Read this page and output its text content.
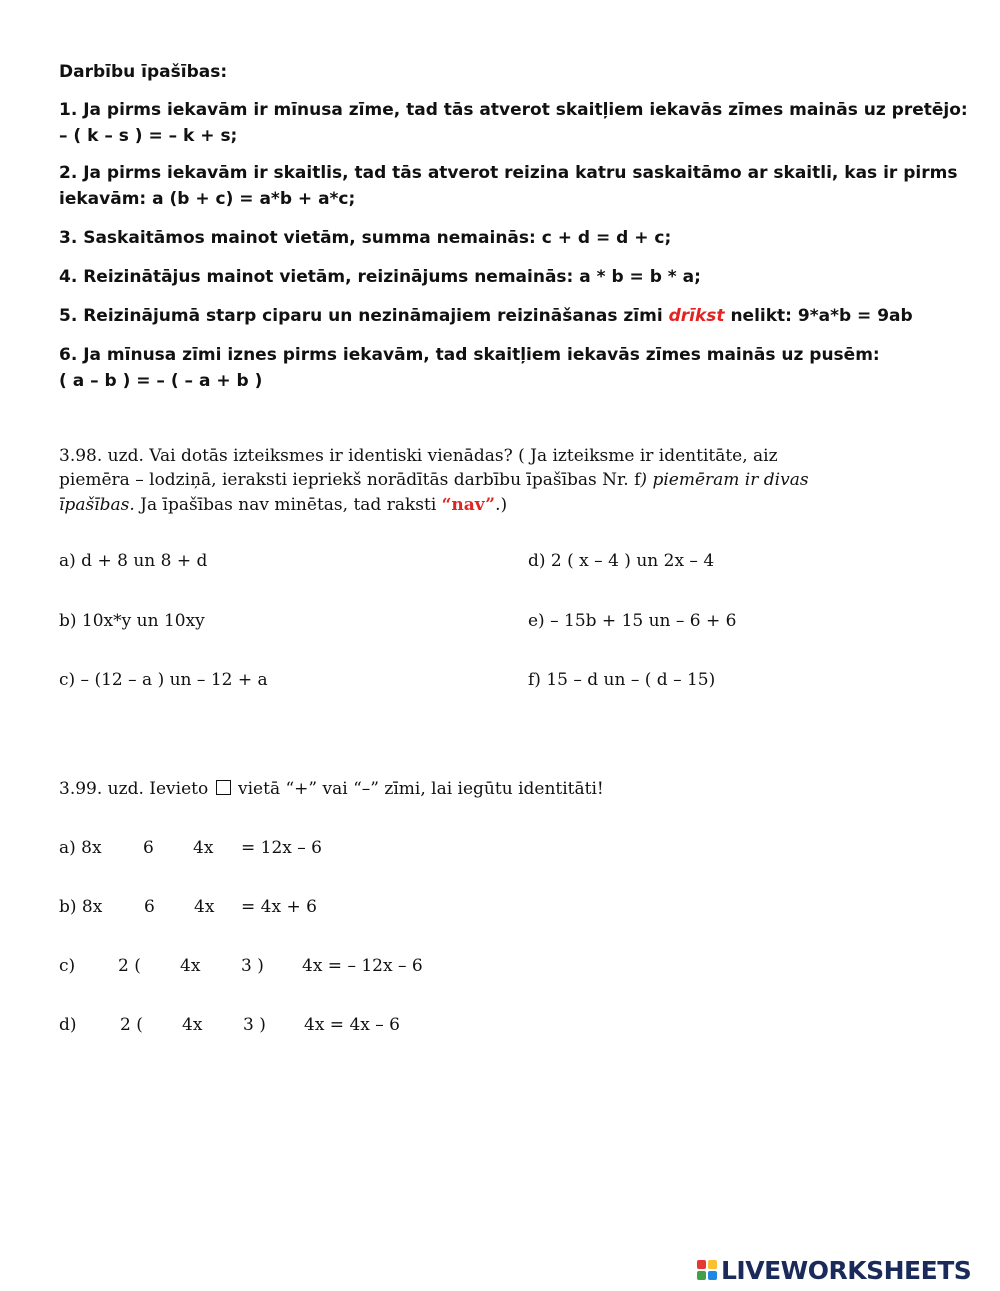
Darbību īpašības:
1. Ja pirms iekavām ir mīnusa zīme, tad tās atverot skaitļiem iekavās zīmes mainās uz pretējo:
– ( k – s ) = – k + s;
2. Ja pirms iekavām ir skaitlis, tad tās atverot reizina katru saskaitāmo ar skaitli, kas ir pirms
iekavām: a (b + c) = a*b + a*c;
3. Saskaitāmos mainot vietām, summa nemainās: c + d = d + c;
4. Reizinātājus mainot vietām, reizinājums nemainās: a * b = b * a;
5. Reizinājumā starp ciparu un nezināmajiem reizināšanas zīmi drīkst nelikt: 9*a*b = 9ab
6. Ja mīnusa zīmi iznes pirms iekavām, tad skaitļiem iekavās zīmes mainās uz pusēm:
( a – b ) = – ( – a + b )
3.98. uzd. Vai dotās izteiksmes ir identiski vienādas? ( Ja izteiksme ir identitāte, aiz
piemēra – lodziņā, ieraksti iepriekš norādītās darbību īpašības Nr. f) piemēram ir divas
īpašības. Ja īpašības nav minētas, tad raksti “nav”.)
a) d + 8 un 8 + d	d) 2 ( x – 4 ) un 2x – 4
b) 10x*y un 10xy	e) – 15b + 15 un – 6 + 6
c) – (12 – a ) un – 12 + a	f) 15 – d un – ( d – 15)
3.99. uzd. Ievieto  vietā “+” vai “–” zīmi, lai iegūtu identitāti!
a) 8x 6 4x = 12x – 6
b) 8x 6 4x = 4x + 6
c)	2 ( 4x 3 ) 4x = – 12x – 6
d)	2 ( 4x 3 ) 4x = 4x – 6
LIVEWORKSHEETS
